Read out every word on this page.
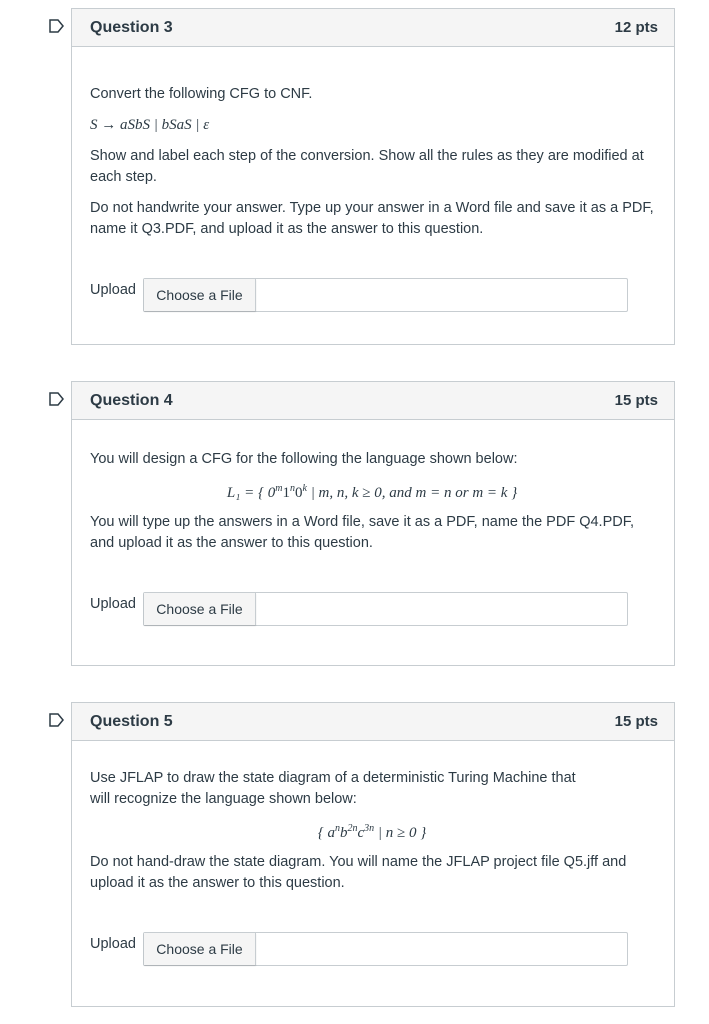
Question 3	12 pts

Convert the following CFG to CNF.

S → aSbS | bSaS | ε

Show and label each step of the conversion. Show all the rules as they are modified at each step.

Do not handwrite your answer. Type up your answer in a Word file and save it as a PDF, name it Q3.PDF, and upload it as the answer to this question.

Upload	Choose a File
Question 4	15 pts

You will design a CFG for the following the language shown below:

L₁ = { 0$^m$1$^n$0$^k$ | m, n, k ≥ 0, and m = n or m = k }

You will type up the answers in a Word file, save it as a PDF, name the PDF Q4.PDF, and upload it as the answer to this question.

Upload	Choose a File
Question 5	15 pts

Use JFLAP to draw the state diagram of a deterministic Turing Machine that will recognize the language shown below:

{ $a^nb^{2n}c^{3n}$ | n ≥ 0 }

Do not hand-draw the state diagram. You will name the JFLAP project file Q5.jff and upload it as the answer to this question.

Upload	Choose a File
